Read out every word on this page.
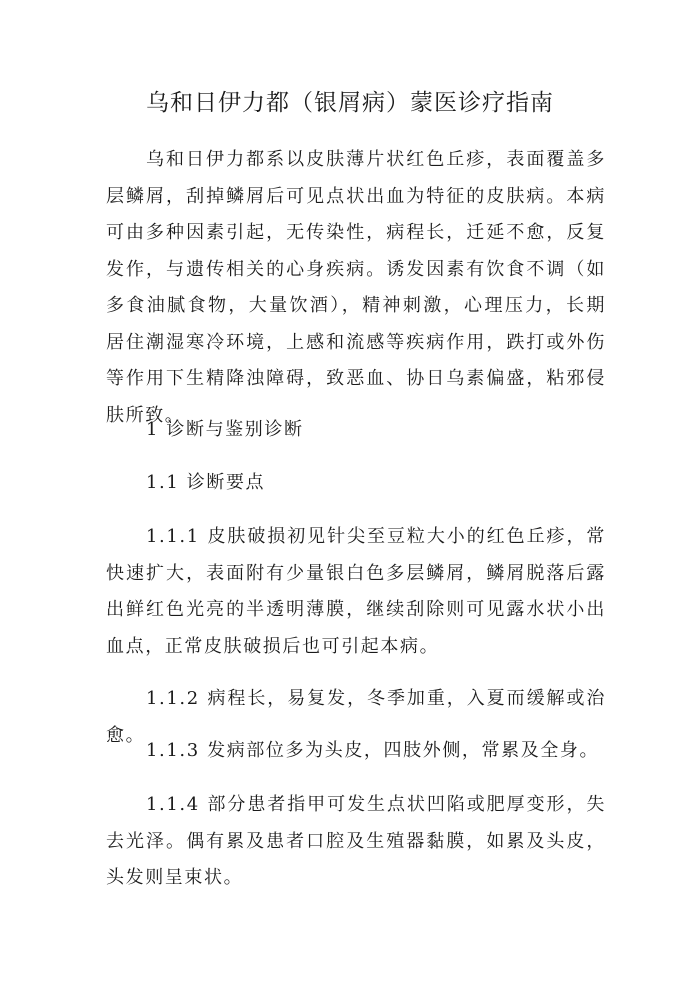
乌和日伊力都（银屑病）蒙医诊疗指南

乌和日伊力都系以皮肤薄片状红色丘疹，表面覆盖多层鳞屑，刮掉鳞屑后可见点状出血为特征的皮肤病。本病可由多种因素引起，无传染性，病程长，迁延不愈，反复发作，与遗传相关的心身疾病。诱发因素有饮食不调（如多食油腻食物，大量饮酒），精神刺激，心理压力，长期居住潮湿寒冷环境，上感和流感等疾病作用，跌打或外伤等作用下生精降浊障碍，致恶血、协日乌素偏盛，粘邪侵肤所致。

1 诊断与鉴别诊断

1.1 诊断要点

1.1.1 皮肤破损初见针尖至豆粒大小的红色丘疹，常快速扩大，表面附有少量银白色多层鳞屑，鳞屑脱落后露出鲜红色光亮的半透明薄膜，继续刮除则可见露水状小出血点，正常皮肤破损后也可引起本病。

1.1.2 病程长，易复发，冬季加重，入夏而缓解或治愈。

1.1.3 发病部位多为头皮，四肢外侧，常累及全身。

1.1.4 部分患者指甲可发生点状凹陷或肥厚变形，失去光泽。偶有累及患者口腔及生殖器黏膜，如累及头皮，头发则呈束状。
